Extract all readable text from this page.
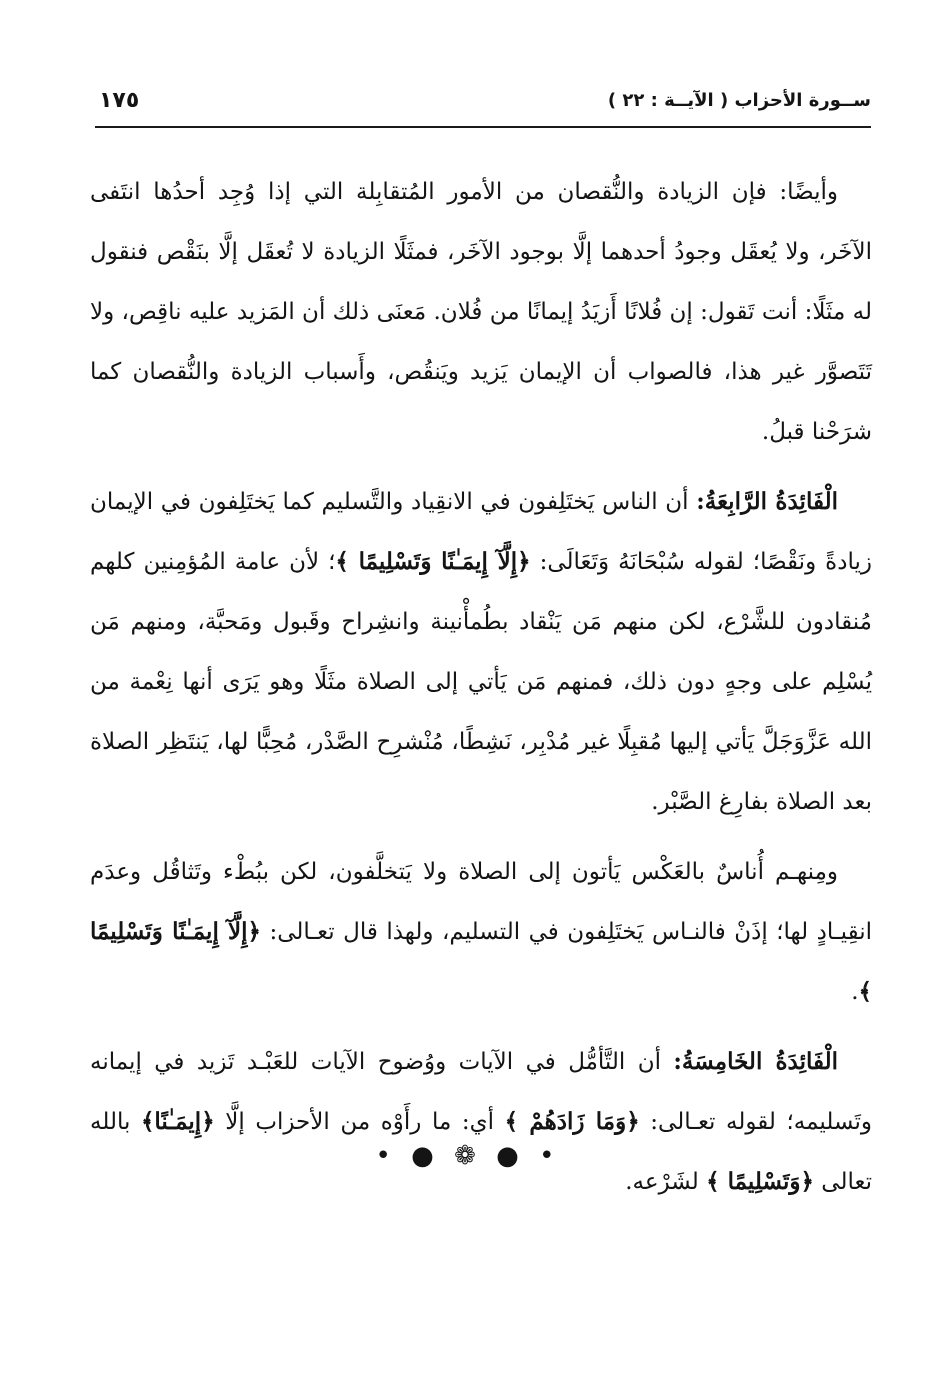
١٧٥	ســورة الأحزاب ( الآيــة : ٢٢ )

وأيضًا: فإن الزيادة والنُّقصان من الأمور المُتقابِلة التي إذا وُجِد أحدُها انتَفى الآخَر، ولا يُعقَل وجودُ أحدهما إلَّا بوجود الآخَر، فمثَلًا الزيادة لا تُعقَل إلَّا بنَقْص فنقول له مثَلًا: أنت تَقول: إن فُلانًا أَزيَدُ إيمانًا من فُلان. مَعنَى ذلك أن المَزيد عليه ناقِص، ولا تَتَصوَّر غير هذا، فالصواب أن الإيمان يَزيد ويَنقُص، وأَسباب الزيادة والنُّقصان كما شرَحْنا قبلُ.

الْفَائِدَةُ الرَّابِعَةُ: أن الناس يَختَلِفون في الانقِياد والتَّسليم كما يَختَلِفون في الإيمان زيادةً ونَقْصًا؛ لقوله سُبْحَانَهُ وَتَعَالَى: ﴿إِلَّآ إِيمَـٰنًا وَتَسْلِيمًا ﴾؛ لأن عامة المُؤمِنين كلهم مُنقادون للشَّرْع، لكن منهم مَن يَنْقاد بطُمأْنينة وانشِراح وقَبول ومَحبَّة، ومنهم مَن يُسْلِم على وجهٍ دون ذلك، فمنهم مَن يَأتي إلى الصلاة مثَلًا وهو يَرَى أنها نِعْمة من الله عَزَّوَجَلَّ يَأتي إليها مُقبِلًا غير مُدْبِر، نَشِطًا، مُنْشرِح الصَّدْر، مُحِبًّا لها، يَنتَظِر الصلاة بعد الصلاة بفارِغ الصَّبْر.

ومِنهـم أُناسٌ بالعَكْس يَأتون إلى الصلاة ولا يَتخلَّفون، لكن ببُطْء وتَثاقُل وعدَم انقِيـادٍ لها؛ إذَنْ فالنـاس يَختَلِفون في التسليم، ولهذا قال تعـالى: ﴿إِلَّآ إِيمَـٰنًا وَتَسْلِيمًا ﴾.

الْفَائِدَةُ الخَامِسَةُ: أن التَّأمُّل في الآيات ووُضوح الآيات للعَبْـد تَزيد في إيمانه وتَسليمه؛ لقوله تعـالى: ﴿وَمَا زَادَهُمْ ﴾ أي: ما رأَوْه من الأحزاب إلَّا ﴿إِيمَـٰنًا﴾ بالله تعالى ﴿وَتَسْلِيمًا ﴾ لشَرْعه.

• ● ❁ ● •
